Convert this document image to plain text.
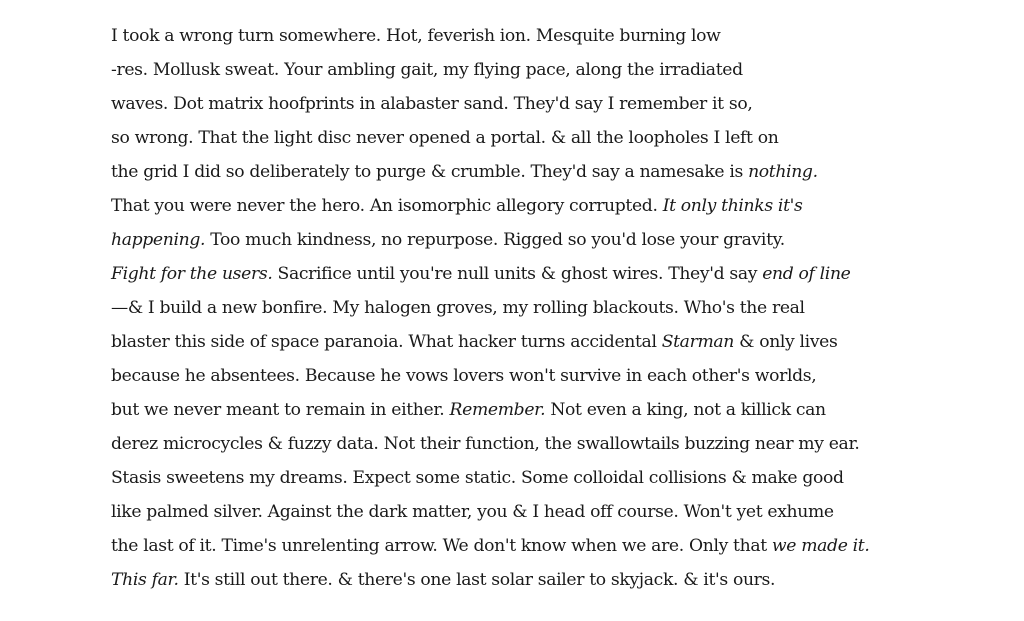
I took a wrong turn somewhere. Hot, feverish ion. Mesquite burning low
-res. Mollusk sweat. Your ambling gait, my flying pace, along the irradiated
waves. Dot matrix hoofprints in alabaster sand. They'd say I remember it so,
so wrong. That the light disc never opened a portal. & all the loopholes I left on
the grid I did so deliberately to purge & crumble. They'd say a namesake is nothing.
That you were never the hero. An isomorphic allegory corrupted. It only thinks it's
happening. Too much kindness, no repurpose. Rigged so you'd lose your gravity.
Fight for the users. Sacrifice until you're null units & ghost wires. They'd say end of line
—& I build a new bonfire. My halogen groves, my rolling blackouts. Who's the real
blaster this side of space paranoia. What hacker turns accidental Starman & only lives
because he absentees. Because he vows lovers won't survive in each other's worlds,
but we never meant to remain in either. Remember. Not even a king, not a killick can
derez microcycles & fuzzy data. Not their function, the swallowtails buzzing near my ear.
Stasis sweetens my dreams. Expect some static. Some colloidal collisions & make good
like palmed silver. Against the dark matter, you & I head off course. Won't yet exhume
the last of it. Time's unrelenting arrow. We don't know when we are. Only that we made it.
This far. It's still out there. & there's one last solar sailer to skyjack. & it's ours.
